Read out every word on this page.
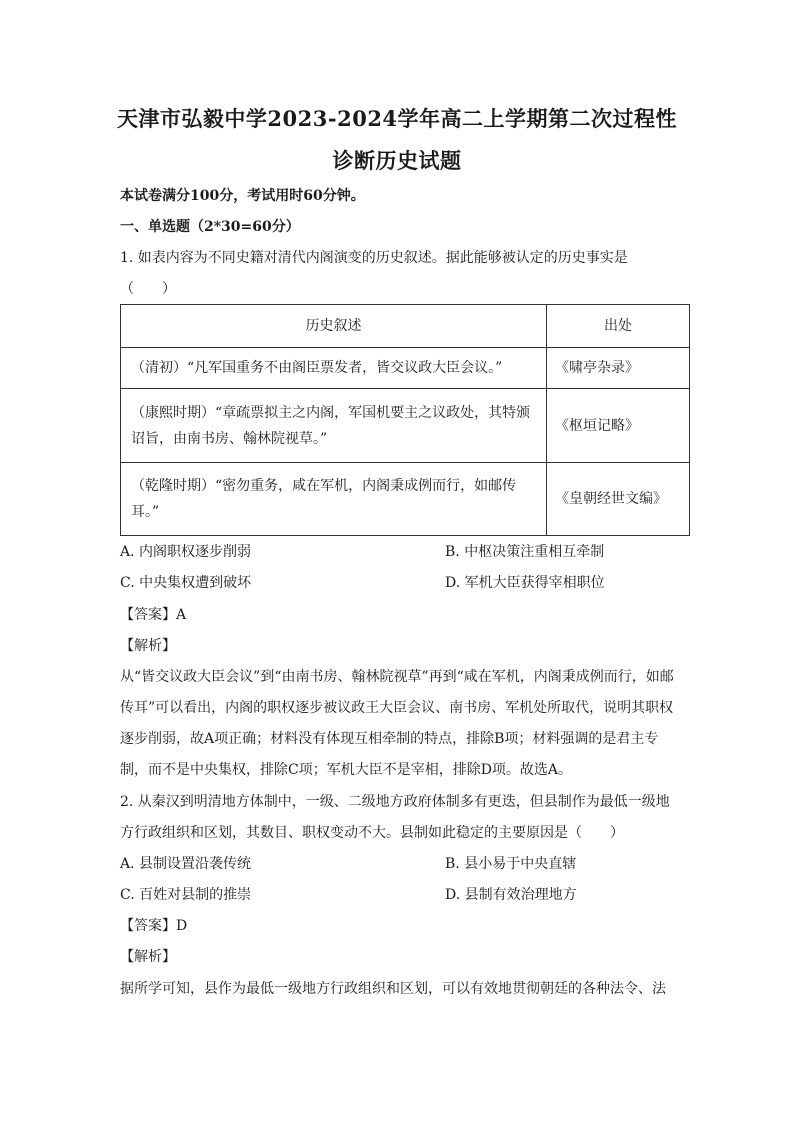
天津市弘毅中学2023-2024学年高二上学期第二次过程性
诊断历史试题
本试卷满分100分，考试用时60分钟。
一、单选题（2*30=60分）
1. 如表内容为不同史籍对清代内阁演变的历史叙述。据此能够被认定的历史事实是
（　　）
历史叙述	出处
（清初）“凡军国重务不由阁臣票发者，皆交议政大臣会议。”	《啸亭杂录》
（康熙时期）“章疏票拟主之内阁，军国机要主之议政处，其特颁
诏旨，由南书房、翰林院视草。”	《枢垣记略》
（乾隆时期）“密勿重务，咸在军机，内阁秉成例而行，如邮传
耳。”	《皇朝经世文编》
A. 内阁职权逐步削弱	B. 中枢决策注重相互牵制
C. 中央集权遭到破坏	D. 军机大臣获得宰相职位
【答案】A
【解析】
从“皆交议政大臣会议”到“由南书房、翰林院视草”再到“咸在军机，内阁秉成例而行，如邮
传耳”可以看出，内阁的职权逐步被议政王大臣会议、南书房、军机处所取代，说明其职权
逐步削弱，故A项正确；材料没有体现互相牵制的特点，排除B项；材料强调的是君主专
制，而不是中央集权，排除C项；军机大臣不是宰相，排除D项。故选A。
2. 从秦汉到明清地方体制中，一级、二级地方政府体制多有更迭，但县制作为最低一级地
方行政组织和区划，其数目、职权变动不大。县制如此稳定的主要原因是（　　）
A. 县制设置沿袭传统	B. 县小易于中央直辖
C. 百姓对县制的推崇	D. 县制有效治理地方
【答案】D
【解析】
据所学可知，县作为最低一级地方行政组织和区划，可以有效地贯彻朝廷的各种法令、法
